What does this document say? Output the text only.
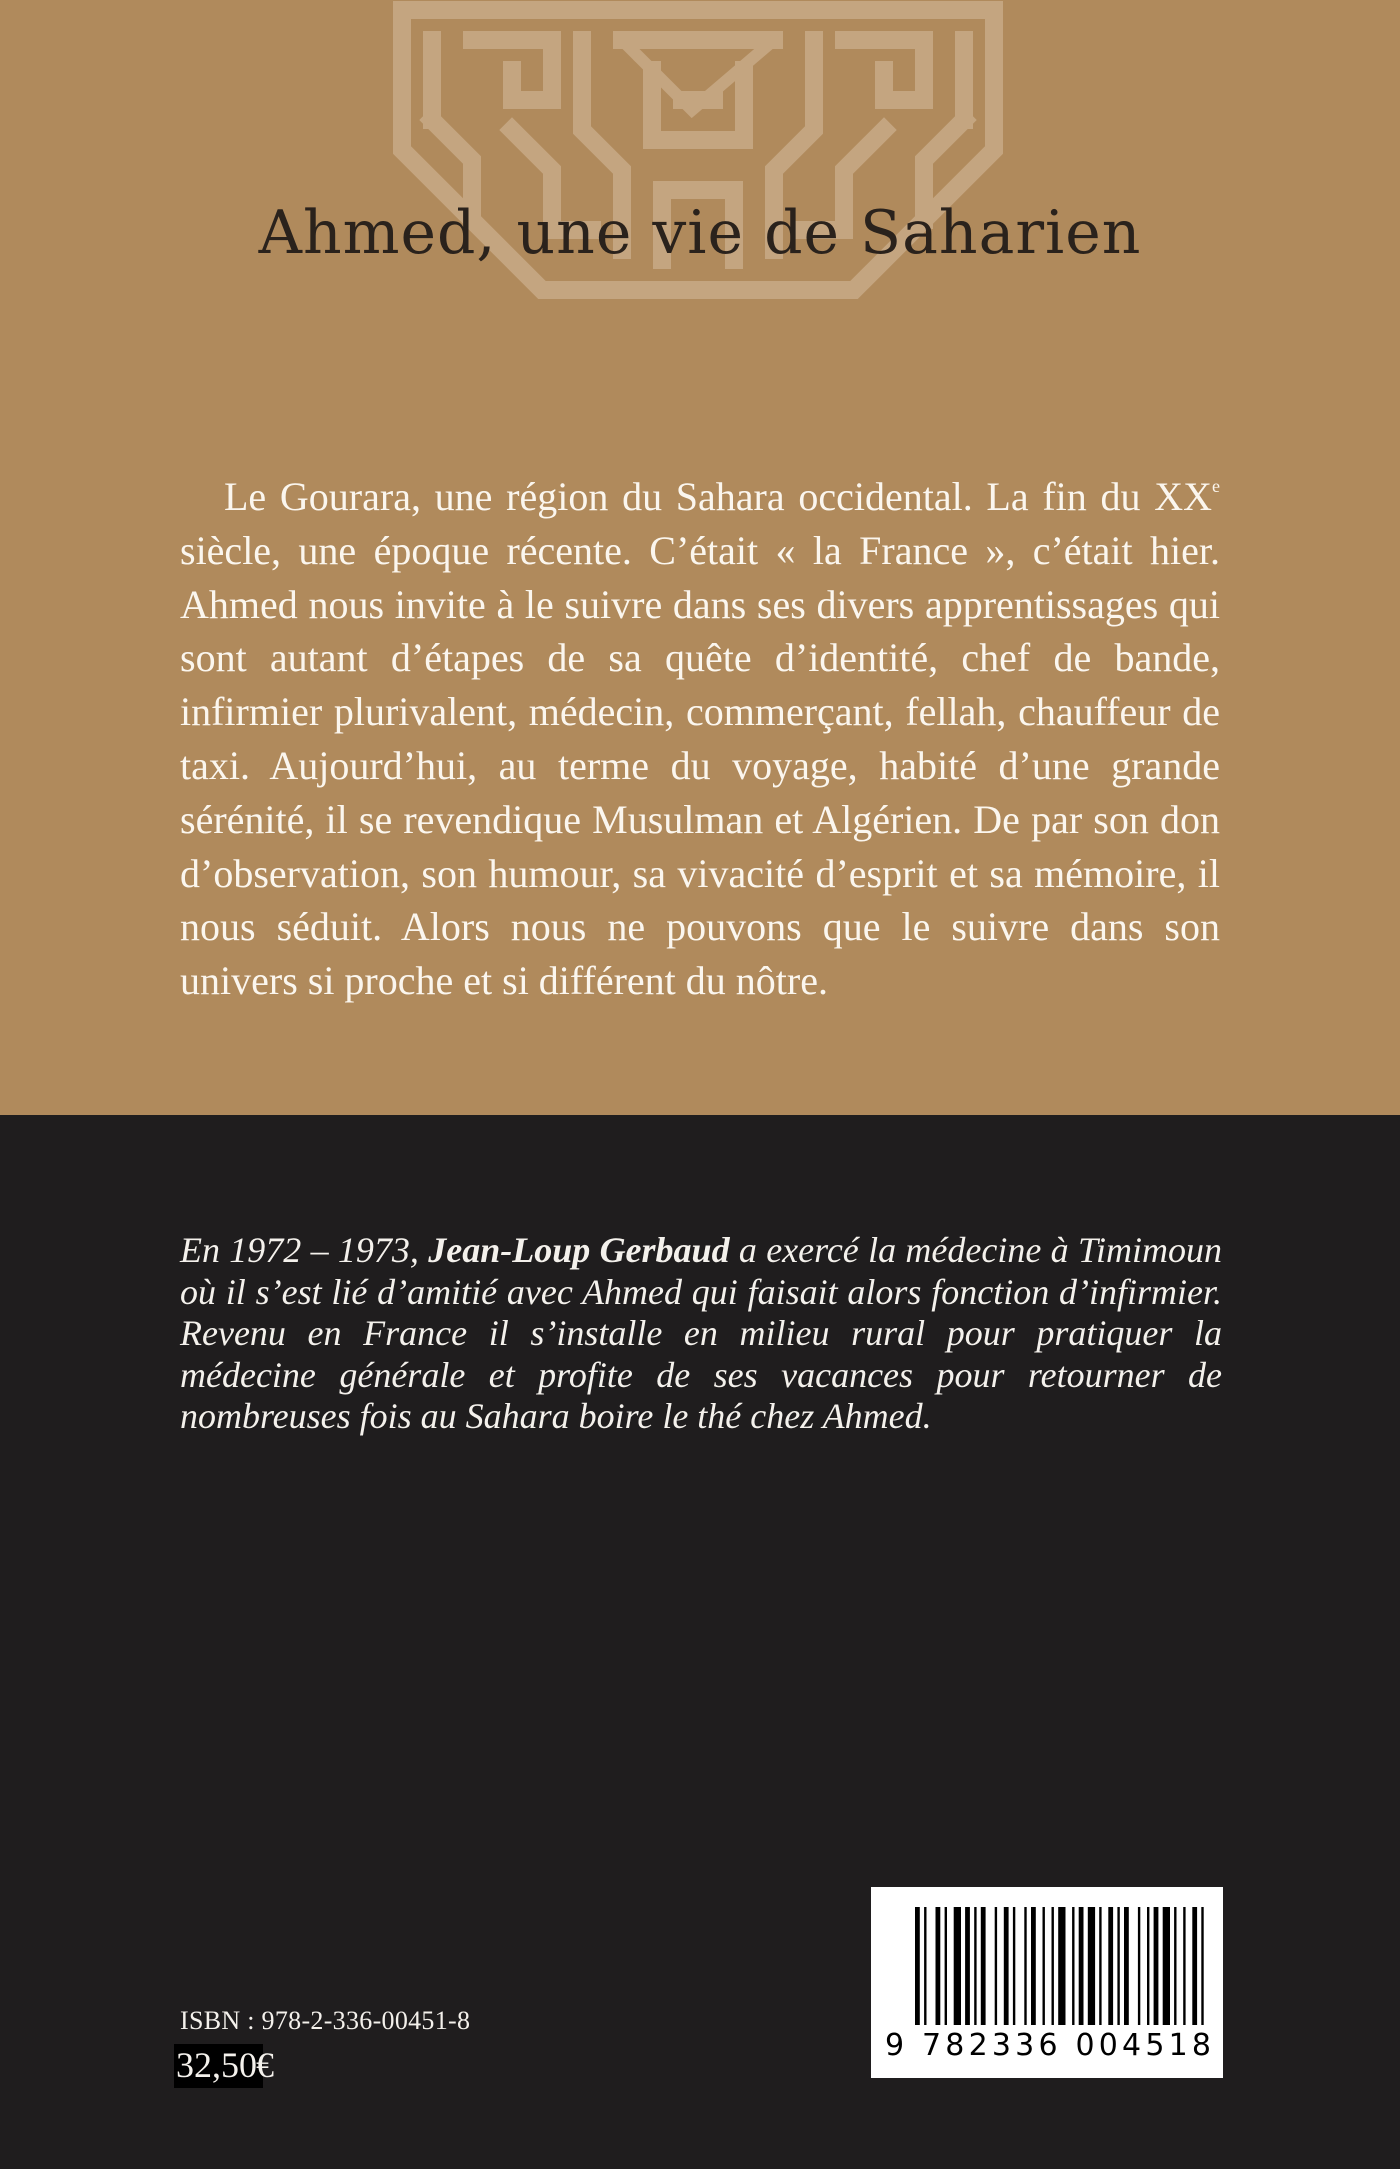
Ahmed, une vie de Saharien

Le Gourara, une région du Sahara occidental. La fin du XXe siècle, une époque récente. C’était « la France », c’était hier. Ahmed nous invite à le suivre dans ses divers apprentissages qui sont autant d’étapes de sa quête d’identité, chef de bande, infirmier plurivalent, médecin, commerçant, fellah, chauffeur de taxi. Aujourd’hui, au terme du voyage, habité d’une grande sérénité, il se revendique Musulman et Algérien. De par son don d’observation, son humour, sa vivacité d’esprit et sa mémoire, il nous séduit. Alors nous ne pouvons que le suivre dans son univers si proche et si différent du nôtre.

En 1972 – 1973, Jean-Loup Gerbaud a exercé la médecine à Timimoun où il s’est lié d’amitié avec Ahmed qui faisait alors fonction d’infirmier. Revenu en France il s’installe en milieu rural pour pratiquer la médecine générale et profite de ses vacances pour retourner de nombreuses fois au Sahara boire le thé chez Ahmed.

ISBN : 978-2-336-00451-8
32,50 €	9 782336 004518
